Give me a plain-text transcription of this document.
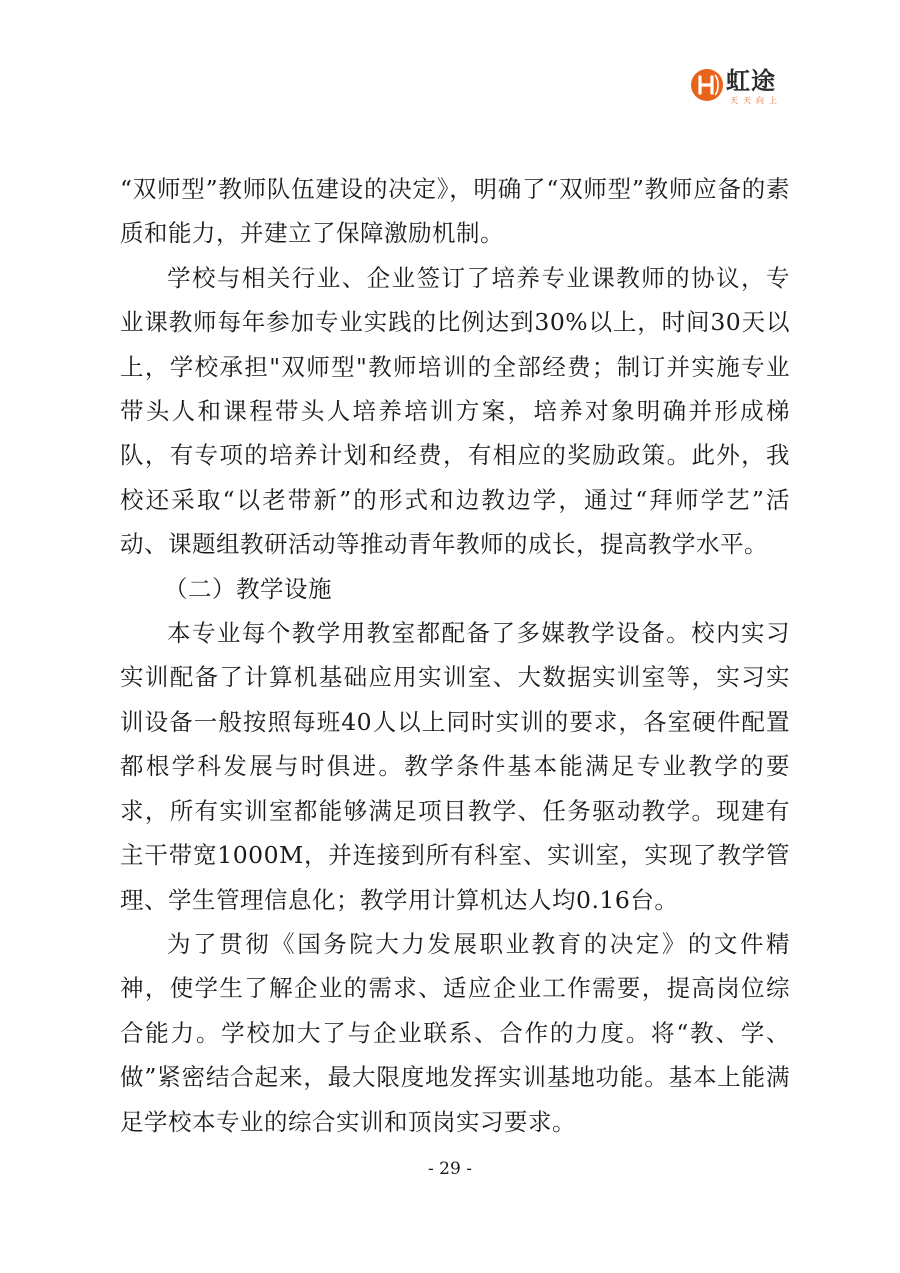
虹途
天天向上

“双师型”教师队伍建设的决定》，明确了“双师型”教师应备的素质和能力，并建立了保障激励机制。

学校与相关行业、企业签订了培养专业课教师的协议，专业课教师每年参加专业实践的比例达到30%以上，时间30天以上，学校承担"双师型"教师培训的全部经费；制订并实施专业带头人和课程带头人培养培训方案，培养对象明确并形成梯队，有专项的培养计划和经费，有相应的奖励政策。此外，我校还采取“以老带新”的形式和边教边学，通过“拜师学艺”活动、课题组教研活动等推动青年教师的成长，提高教学水平。

（二）教学设施

本专业每个教学用教室都配备了多媒教学设备。校内实习实训配备了计算机基础应用实训室、大数据实训室等，实习实训设备一般按照每班40人以上同时实训的要求，各室硬件配置都根学科发展与时俱进。教学条件基本能满足专业教学的要求，所有实训室都能够满足项目教学、任务驱动教学。现建有主干带宽1000M，并连接到所有科室、实训室，实现了教学管理、学生管理信息化；教学用计算机达人均0.16台。

为了贯彻《国务院大力发展职业教育的决定》的文件精神，使学生了解企业的需求、适应企业工作需要，提高岗位综合能力。学校加大了与企业联系、合作的力度。将“教、学、做”紧密结合起来，最大限度地发挥实训基地功能。基本上能满足学校本专业的综合实训和顶岗实习要求。

- 29 -
